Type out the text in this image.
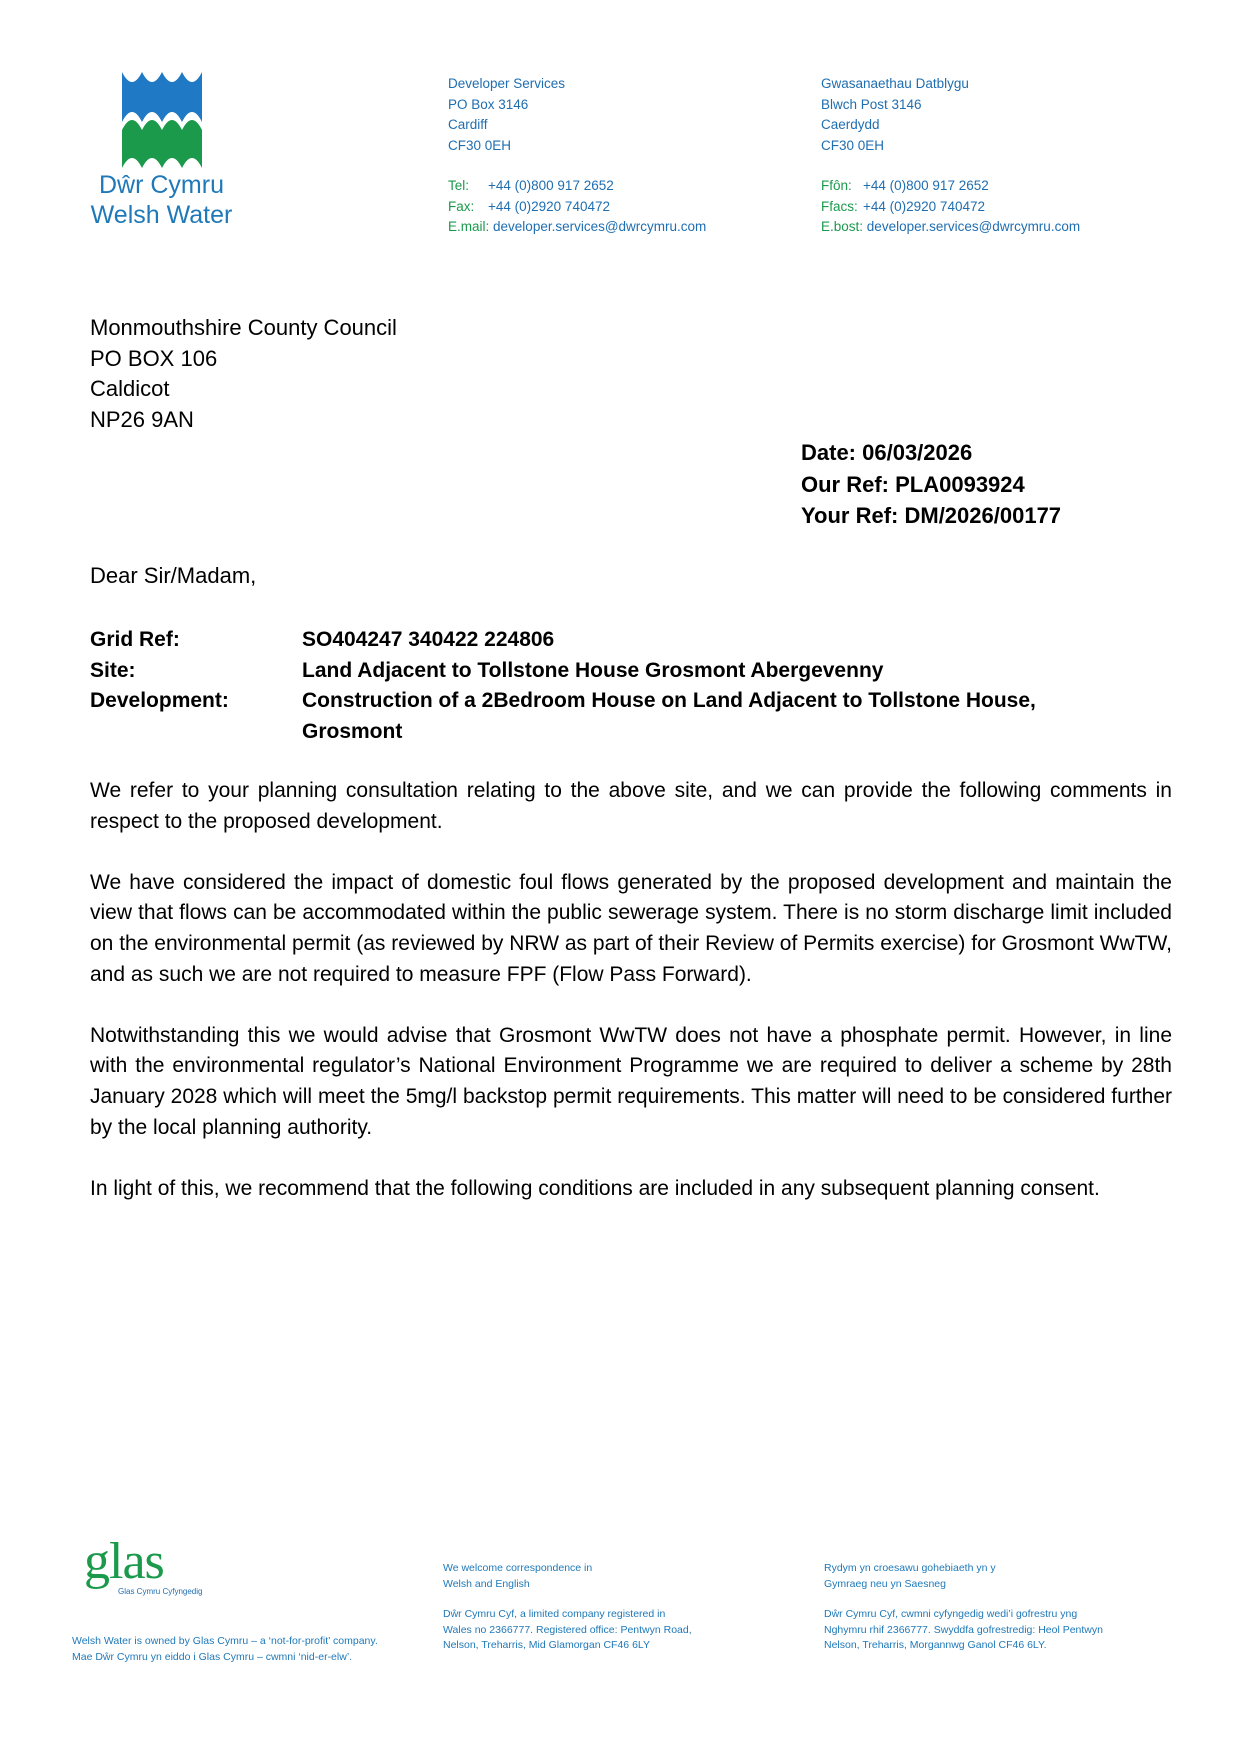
Dŵr Cymru
Welsh Water
Developer Services
PO Box 3146
Cardiff
CF30 0EH
Tel: +44 (0)800 917 2652
Fax: +44 (0)2920 740472
E.mail: developer.services@dwrcymru.com
Gwasanaethau Datblygu
Blwch Post 3146
Caerdydd
CF30 0EH
Ffôn: +44 (0)800 917 2652
Ffacs: +44 (0)2920 740472
E.bost: developer.services@dwrcymru.com
Monmouthshire County Council
PO BOX 106
Caldicot
NP26 9AN
Date: 06/03/2026
Our Ref: PLA0093924
Your Ref: DM/2026/00177
Dear Sir/Madam,
Grid Ref:	SO404247 340422 224806
Site:	Land Adjacent to Tollstone House Grosmont Abergevenny
Development:	Construction of a 2Bedroom House on Land Adjacent to Tollstone House, Grosmont

We refer to your planning consultation relating to the above site, and we can provide the following comments in respect to the proposed development.

We have considered the impact of domestic foul flows generated by the proposed development and maintain the view that flows can be accommodated within the public sewerage system. There is no storm discharge limit included on the environmental permit (as reviewed by NRW as part of their Review of Permits exercise) for Grosmont WwTW, and as such we are not required to measure FPF (Flow Pass Forward).

Notwithstanding this we would advise that Grosmont WwTW does not have a phosphate permit. However, in line with the environmental regulator’s National Environment Programme we are required to deliver a scheme by 28th January 2028 which will meet the 5mg/l backstop permit requirements. This matter will need to be considered further by the local planning authority.

In light of this, we recommend that the following conditions are included in any subsequent planning consent.

glas
Glas Cymru Cyfyngedig
Welsh Water is owned by Glas Cymru – a ‘not-for-profit’ company.
Mae Dŵr Cymru yn eiddo i Glas Cymru – cwmni ‘nid-er-elw’.
We welcome correspondence in
Welsh and English
Dŵr Cymru Cyf, a limited company registered in
Wales no 2366777. Registered office: Pentwyn Road,
Nelson, Treharris, Mid Glamorgan CF46 6LY
Rydym yn croesawu gohebiaeth yn y
Gymraeg neu yn Saesneg
Dŵr Cymru Cyf, cwmni cyfyngedig wedi’i gofrestru yng
Nghymru rhif 2366777. Swyddfa gofrestredig: Heol Pentwyn
Nelson, Treharris, Morgannwg Ganol CF46 6LY.
